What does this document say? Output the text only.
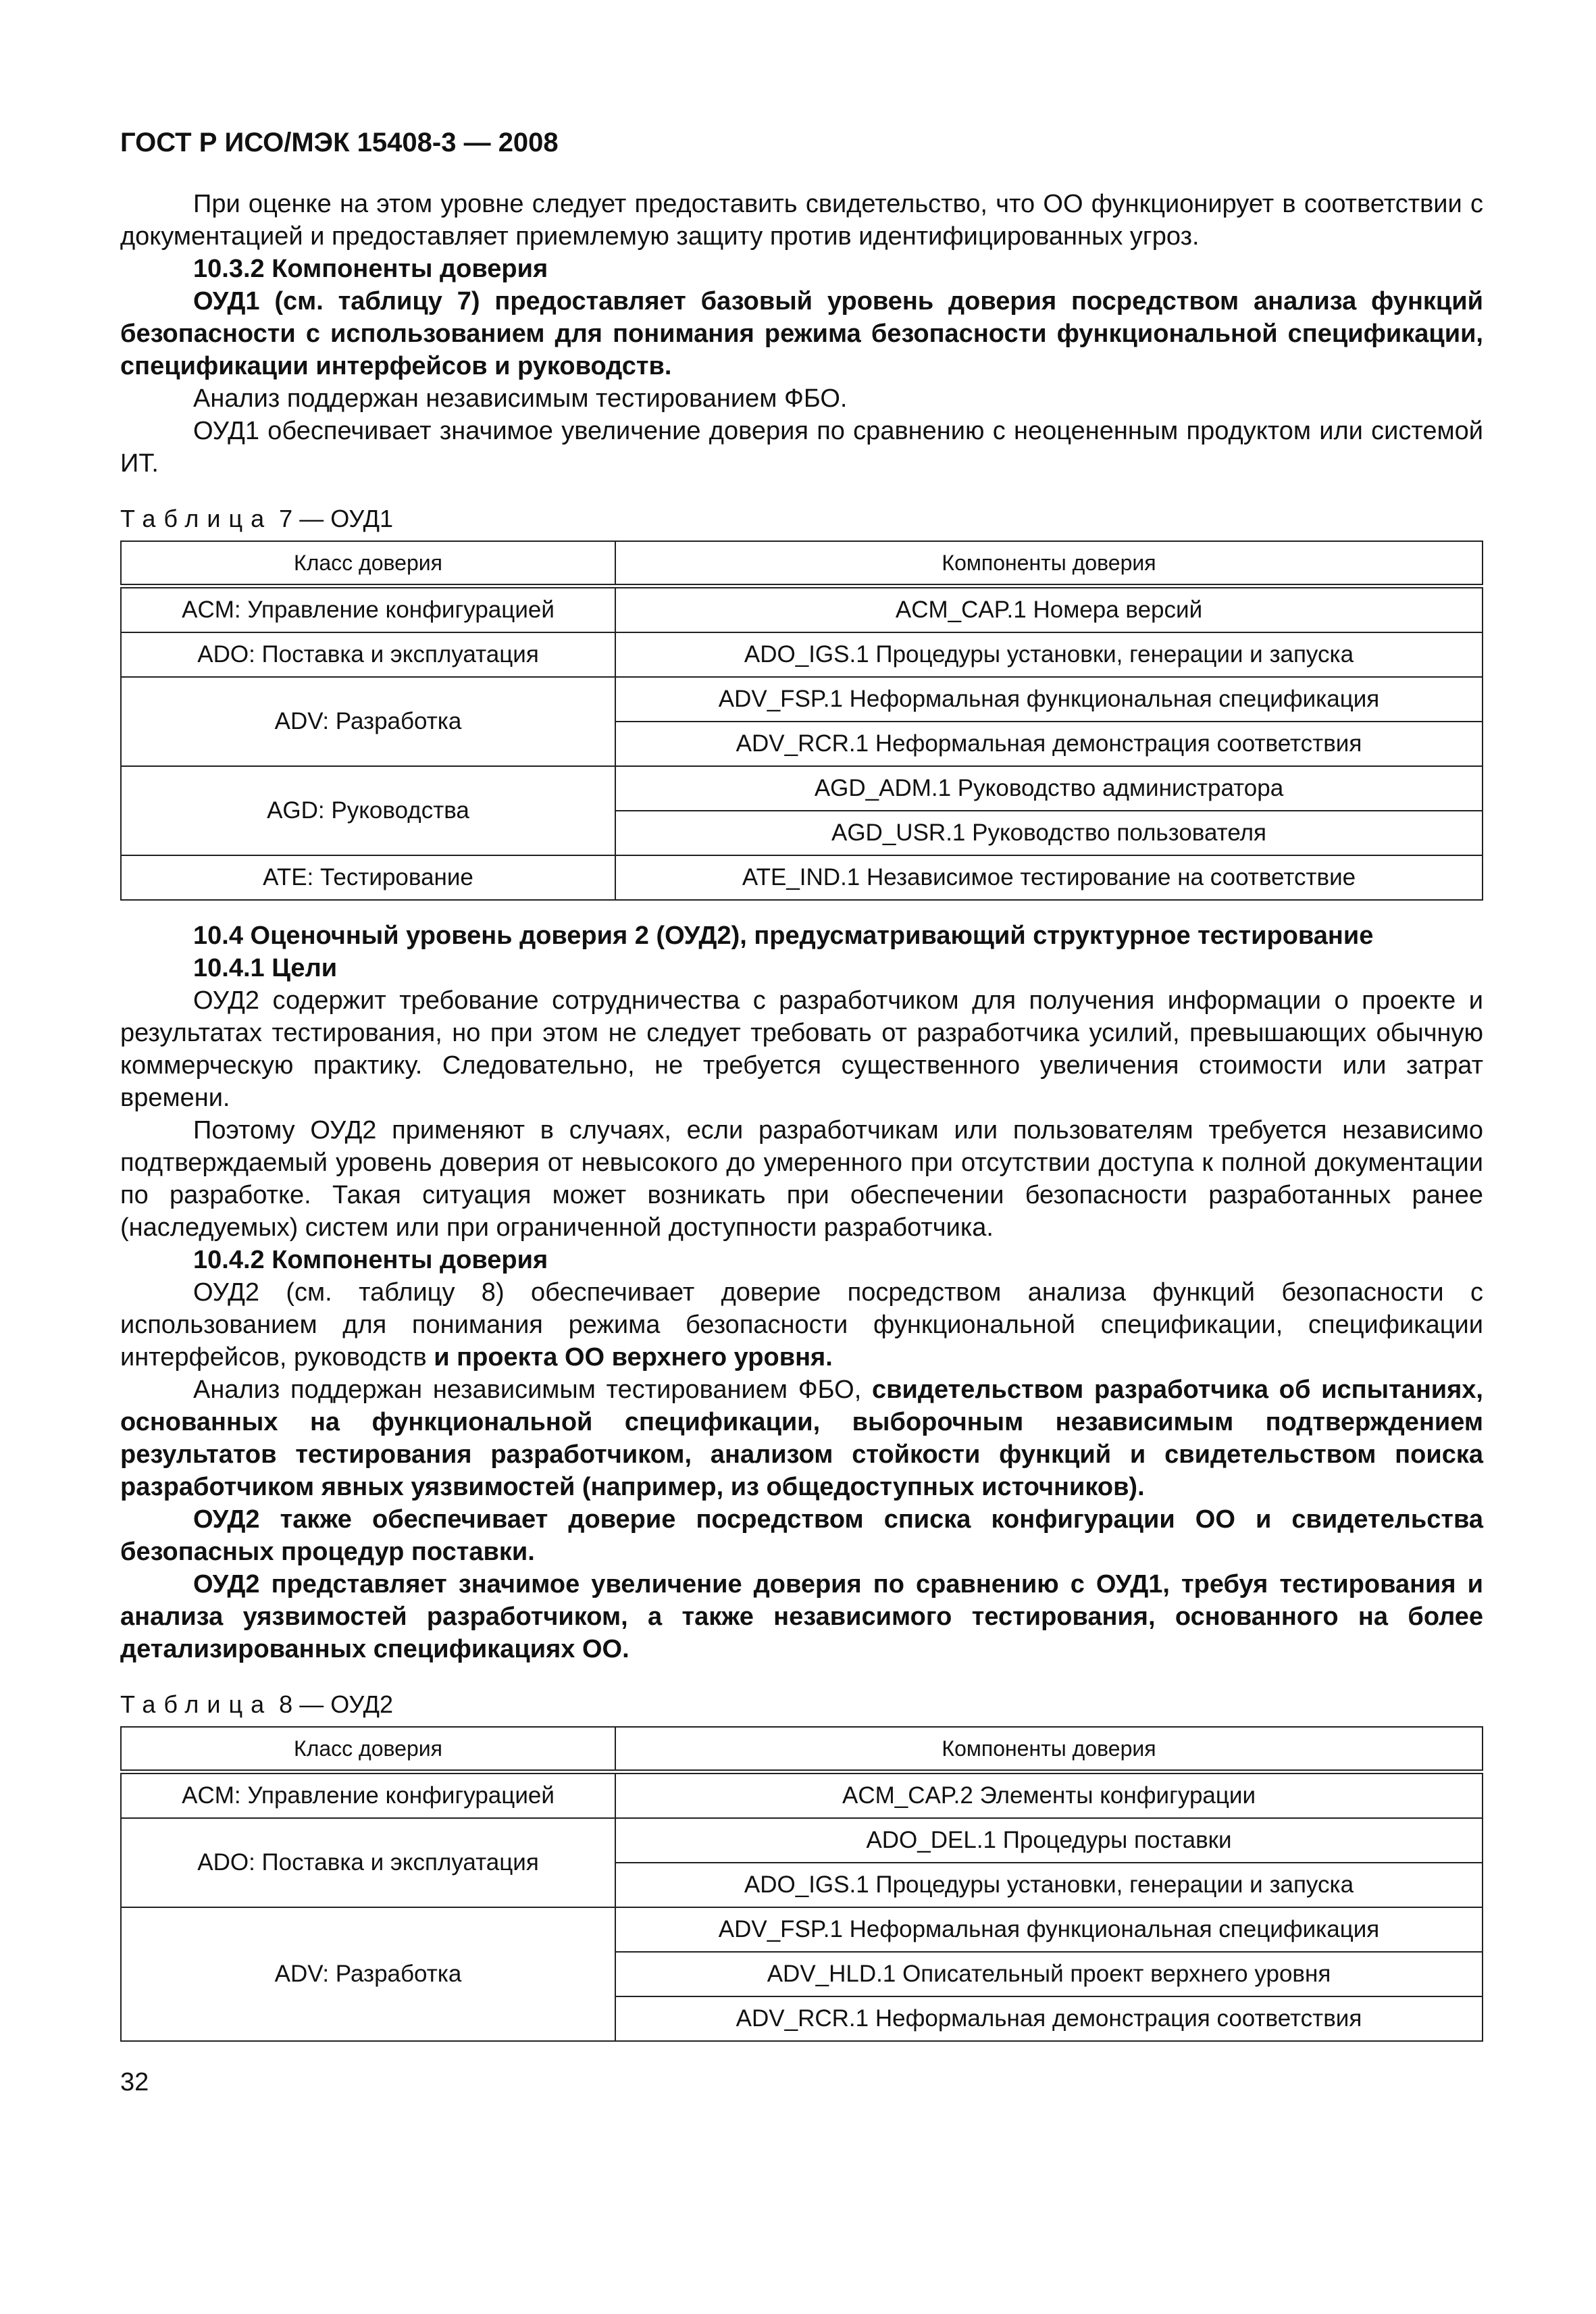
ГОСТ Р ИСО/МЭК 15408-3 — 2008

При оценке на этом уровне следует предоставить свидетельство, что ОО функционирует в соответствии с документацией и предоставляет приемлемую защиту против идентифицированных угроз.

10.3.2 Компоненты доверия

ОУД1 (см. таблицу 7) предоставляет базовый уровень доверия посредством анализа функций безопасности с использованием для понимания режима безопасности функциональной спецификации, спецификации интерфейсов и руководств.

Анализ поддержан независимым тестированием ФБО.

ОУД1 обеспечивает значимое увеличение доверия по сравнению с неоцененным продуктом или системой ИТ.

Таблица 7 — ОУД1
Класс доверия	Компоненты доверия
ACM: Управление конфигурацией	ACM_CAP.1 Номера версий
ADO: Поставка и эксплуатация	ADO_IGS.1 Процедуры установки, генерации и запуска
ADV: Разработка	ADV_FSP.1 Неформальная функциональная спецификация
	ADV_RCR.1 Неформальная демонстрация соответствия
AGD: Руководства	AGD_ADM.1 Руководство администратора
	AGD_USR.1 Руководство пользователя
ATE: Тестирование	ATE_IND.1 Независимое тестирование на соответствие

10.4 Оценочный уровень доверия 2 (ОУД2), предусматривающий структурное тестирование

10.4.1 Цели

ОУД2 содержит требование сотрудничества с разработчиком для получения информации о проекте и результатах тестирования, но при этом не следует требовать от разработчика усилий, превышающих обычную коммерческую практику. Следовательно, не требуется существенного увеличения стоимости или затрат времени.

Поэтому ОУД2 применяют в случаях, если разработчикам или пользователям требуется независимо подтверждаемый уровень доверия от невысокого до умеренного при отсутствии доступа к полной документации по разработке. Такая ситуация может возникать при обеспечении безопасности разработанных ранее (наследуемых) систем или при ограниченной доступности разработчика.

10.4.2 Компоненты доверия

ОУД2 (см. таблицу 8) обеспечивает доверие посредством анализа функций безопасности с использованием для понимания режима безопасности функциональной спецификации, спецификации интерфейсов, руководств и проекта ОО верхнего уровня.

Анализ поддержан независимым тестированием ФБО, свидетельством разработчика об испытаниях, основанных на функциональной спецификации, выборочным независимым подтверждением результатов тестирования разработчиком, анализом стойкости функций и свидетельством поиска разработчиком явных уязвимостей (например, из общедоступных источников).

ОУД2 также обеспечивает доверие посредством списка конфигурации ОО и свидетельства безопасных процедур поставки.

ОУД2 представляет значимое увеличение доверия по сравнению с ОУД1, требуя тестирования и анализа уязвимостей разработчиком, а также независимого тестирования, основанного на более детализированных спецификациях ОО.

Таблица 8 — ОУД2
Класс доверия	Компоненты доверия
ACM: Управление конфигурацией	ACM_CAP.2 Элементы конфигурации
ADO: Поставка и эксплуатация	ADO_DEL.1 Процедуры поставки
	ADO_IGS.1 Процедуры установки, генерации и запуска
ADV: Разработка	ADV_FSP.1 Неформальная функциональная спецификация
	ADV_HLD.1 Описательный проект верхнего уровня
	ADV_RCR.1 Неформальная демонстрация соответствия
32
